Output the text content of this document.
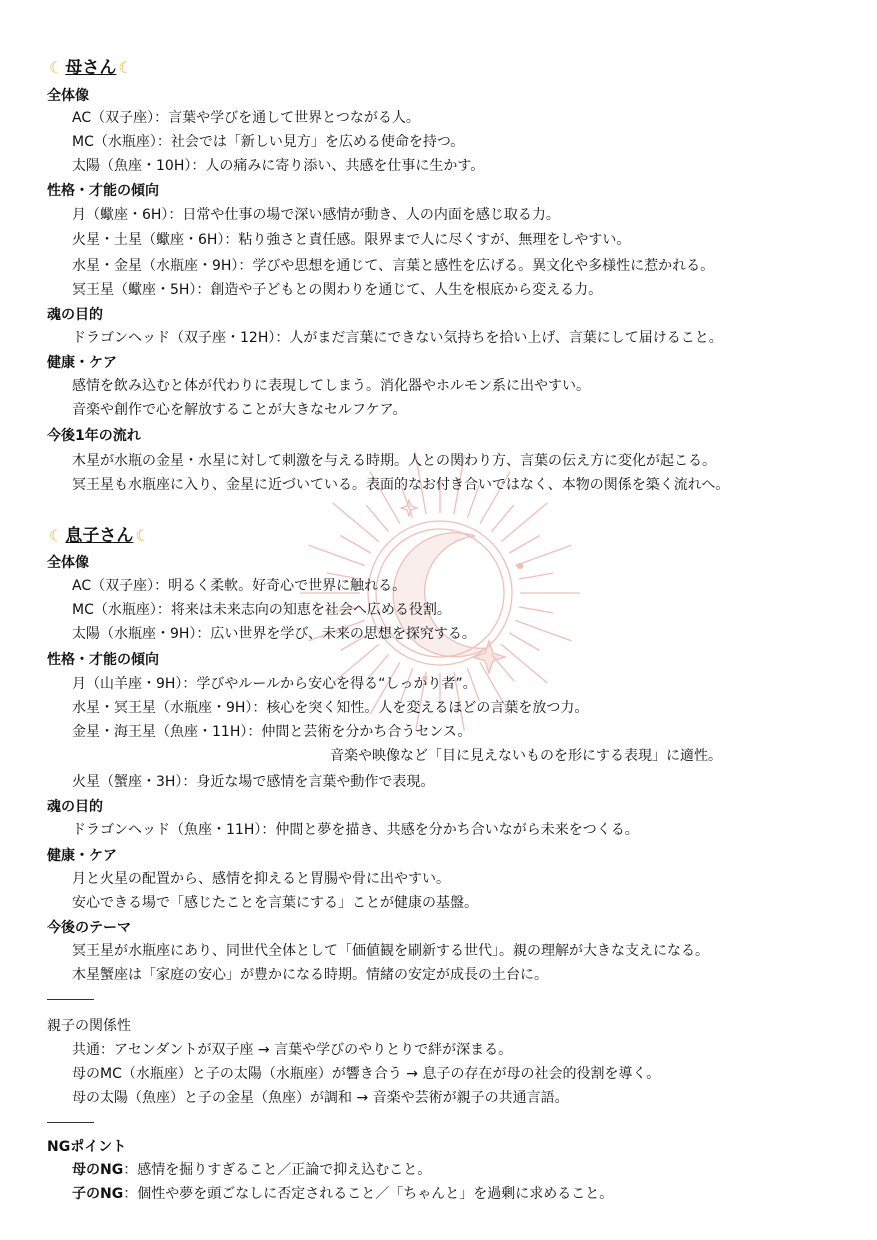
☾ 母さん ☾
全体像
AC（双子座）：言葉や学びを通して世界とつながる人。
MC（水瓶座）：社会では「新しい見方」を広める使命を持つ。
太陽（魚座・10H）：人の痛みに寄り添い、共感を仕事に生かす。
性格・才能の傾向
月（蠍座・6H）：日常や仕事の場で深い感情が動き、人の内面を感じ取る力。
火星・土星（蠍座・6H）：粘り強さと責任感。限界まで人に尽くすが、無理をしやすい。
水星・金星（水瓶座・9H）：学びや思想を通じて、言葉と感性を広げる。異文化や多様性に惹かれる。
冥王星（蠍座・5H）：創造や子どもとの関わりを通じて、人生を根底から変える力。
魂の目的
ドラゴンヘッド（双子座・12H）：人がまだ言葉にできない気持ちを拾い上げ、言葉にして届けること。
健康・ケア
感情を飲み込むと体が代わりに表現してしまう。消化器やホルモン系に出やすい。
音楽や創作で心を解放することが大きなセルフケア。
今後1年の流れ
木星が水瓶の金星・水星に対して刺激を与える時期。人との関わり方、言葉の伝え方に変化が起こる。
冥王星も水瓶座に入り、金星に近づいている。表面的なお付き合いではなく、本物の関係を築く流れへ。
☾ 息子さん ☾
全体像
AC（双子座）：明るく柔軟。好奇心で世界に触れる。
MC（水瓶座）：将来は未来志向の知恵を社会へ広める役割。
太陽（水瓶座・9H）：広い世界を学び、未来の思想を探究する。
性格・才能の傾向
月（山羊座・9H）：学びやルールから安心を得る“しっかり者”。
水星・冥王星（水瓶座・9H）：核心を突く知性。人を変えるほどの言葉を放つ力。
金星・海王星（魚座・11H）：仲間と芸術を分かち合うセンス。
音楽や映像など「目に見えないものを形にする表現」に適性。
火星（蟹座・3H）：身近な場で感情を言葉や動作で表現。
魂の目的
ドラゴンヘッド（魚座・11H）：仲間と夢を描き、共感を分かち合いながら未来をつくる。
健康・ケア
月と火星の配置から、感情を抑えると胃腸や骨に出やすい。
安心できる場で「感じたことを言葉にする」ことが健康の基盤。
今後のテーマ
冥王星が水瓶座にあり、同世代全体として「価値観を刷新する世代」。親の理解が大きな支えになる。
木星蟹座は「家庭の安心」が豊かになる時期。情緒の安定が成長の土台に。
親子の関係性
共通：アセンダントが双子座 → 言葉や学びのやりとりで絆が深まる。
母のMC（水瓶座）と子の太陽（水瓶座）が響き合う → 息子の存在が母の社会的役割を導く。
母の太陽（魚座）と子の金星（魚座）が調和 → 音楽や芸術が親子の共通言語。
NGポイント
母のNG：感情を掘りすぎること／正論で抑え込むこと。
子のNG：個性や夢を頭ごなしに否定されること／「ちゃんと」を過剰に求めること。
